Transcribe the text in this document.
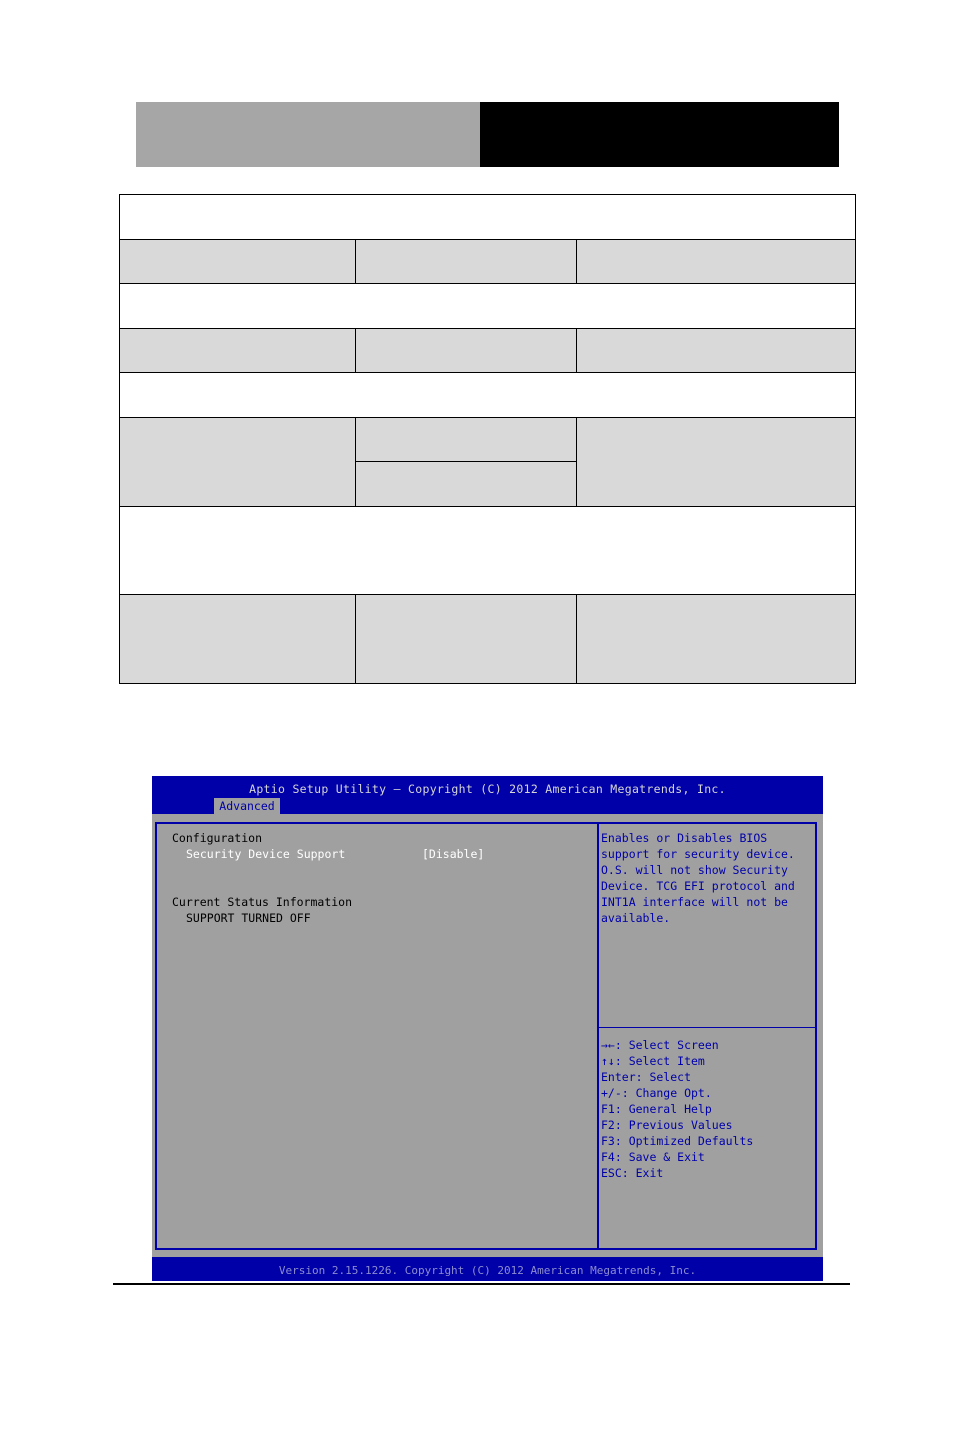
Aptio Setup Utility – Copyright (C) 2012 American Megatrends, Inc.
Advanced
Configuration
Security Device Support	[Disable]
Current Status Information
SUPPORT TURNED OFF
Enables or Disables BIOS
support for security device.
O.S. will not show Security
Device. TCG EFI protocol and
INT1A interface will not be
available.
→←: Select Screen
↑↓: Select Item
Enter: Select
+/-: Change Opt.
F1: General Help
F2: Previous Values
F3: Optimized Defaults
F4: Save & Exit
ESC: Exit
Version 2.15.1226. Copyright (C) 2012 American Megatrends, Inc.
